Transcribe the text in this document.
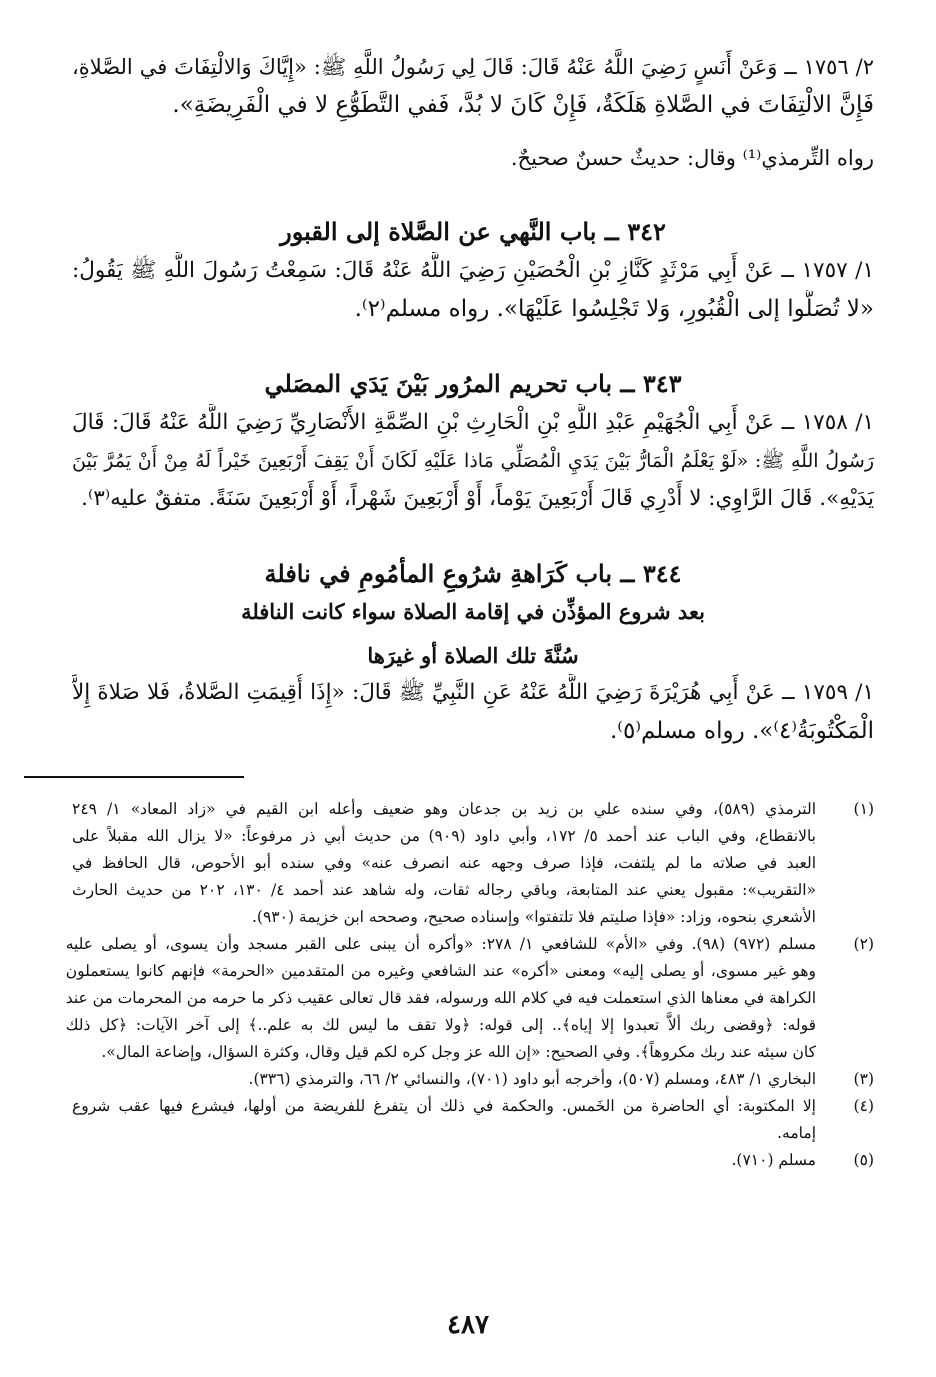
٢/ ١٧٥٦ ــ وَعَنْ أَنَسٍ رَضِيَ اللَّهُ عَنْهُ قَالَ: قَالَ لِي رَسُولُ اللَّهِ ﷺ: «إِيَّاكَ وَالالْتِفَاتَ في الصَّلاةِ،
فَإِنَّ الالْتِفَاتَ في الصَّلاةِ هَلَكَةٌ، فَإِنْ كَانَ لا بُدَّ، فَفي التَّطَوُّعِ لا في الْفَرِيضَةِ».
رواه التِّرمذي⁽¹⁾ وقال: حديثٌ حسنٌ صحيحٌ.
٣٤٢ ــ باب النَّهي عن الصَّلاة إلى القبور
١/ ١٧٥٧ ــ عَنْ أَبِي مَرْثَدٍ كَنَّازِ بْنِ الْحُصَيْنِ رَضِيَ اللَّهُ عَنْهُ قَالَ: سَمِعْتُ رَسُولَ اللَّهِ ﷺ يَقُولُ:
«لا تُصَلُّوا إلى الْقُبُورِ، وَلا تَجْلِسُوا عَلَيْهَا». رواه مسلم⁽٢⁾.
٣٤٣ ــ باب تحريم المرُور بَيْنَ يَدَي المصَلي
١/ ١٧٥٨ ــ عَنْ أَبِي الْجُهَيْمِ عَبْدِ اللَّهِ بْنِ الْحَارِثِ بْنِ الصِّمَّةِ الأَنْصَارِيِّ رَضِيَ اللَّهُ عَنْهُ قَالَ: قَالَ
رَسُولُ اللَّهِ ﷺ: «لَوْ يَعْلَمُ الْمَارُّ بَيْنَ يَدَيِ الْمُصَلِّي مَاذا عَلَيْهِ لَكَانَ أَنْ يَقِفَ أَرْبَعِينَ خَيْراً لَهُ مِنْ أَنْ يَمُرَّ بَيْنَ
يَدَيْهِ». قَالَ الرَّاوِي: لا أَدْرِي قَالَ أَرْبَعِينَ يَوْماً، أَوْ أَرْبَعِينَ شَهْراً، أَوْ أَرْبَعِينَ سَنَةً. متفقٌ عليه⁽٣⁾.
٣٤٤ ــ باب كَرَاهةِ شرُوعِ المأمُومِ في نافلة
بعد شروع المؤذِّن في إقامة الصلاة سواء كانت النافلة
سُنَّةَ تلك الصلاة أو غيرَها
١/ ١٧٥٩ ــ عَنْ أَبِي هُرَيْرَةَ رَضِيَ اللَّهُ عَنْهُ عَنِ النَّبِيِّ ﷺ قَالَ: «إِذَا أُقِيمَتِ الصَّلاةُ، فَلا صَلاةَ إِلاَّ
الْمَكْتُوبَةُ⁽٤⁾». رواه مسلم⁽٥⁾.
(١)
الترمذي (٥٨٩)، وفي سنده علي بن زيد بن جدعان وهو ضعيف وأعله ابن القيم في «زاد المعاد» ١/ ٢٤٩
بالانقطاع، وفي الباب عند أحمد ٥/ ١٧٢، وأبي داود (٩٠٩) من حديث أبي ذر مرفوعاً: «لا يزال الله مقبلاً على
العبد في صلاته ما لم يلتفت، فإذا صرف وجهه عنه انصرف عنه» وفي سنده أبو الأحوص، قال الحافظ في
«التقريب»: مقبول يعني عند المتابعة، وباقي رجاله ثقات، وله شاهد عند أحمد ٤/ ١٣٠، ٢٠٢ من حديث الحارث
الأشعري بنحوه، وزاد: «فإذا صليتم فلا تلتفتوا» وإسناده صحيح، وصححه ابن خزيمة (٩٣٠).
(٢)
مسلم (٩٧٢) (٩٨). وفي «الأم» للشافعي ١/ ٢٧٨: «وأكره أن يبنى على القبر مسجد وأن يسوى، أو يصلى عليه
وهو غير مسوى، أو يصلى إليه» ومعنى «أكره» عند الشافعي وغيره من المتقدمين «الحرمة» فإنهم كانوا يستعملون
الكراهة في معناها الذي استعملت فيه في كلام الله ورسوله، فقد قال تعالى عقيب ذكر ما حرمه من المحرمات من عند
قوله: ﴿وقضى ربك ألاَّ تعبدوا إلا إياه﴾.. إلى قوله: ﴿ولا تقف ما ليس لك به علم..﴾ إلى آخر الآيات: ﴿كل ذلك
كان سيئه عند ربك مكروهاً﴾. وفي الصحيح: «إن الله عز وجل كره لكم قيل وقال، وكثرة السؤال، وإضاعة المال».
(٣)
البخاري ١/ ٤٨٣، ومسلم (٥٠٧)، وأخرجه أبو داود (٧٠١)، والنسائي ٢/ ٦٦، والترمذي (٣٣٦).
(٤)
إلا المكتوبة: أي الحاضرة من الخَمس. والحكمة في ذلك أن يتفرغ للفريضة من أولها، فيشرع فيها عقب شروع
إمامه.
(٥)
مسلم (٧١٠).
٤٨٧
